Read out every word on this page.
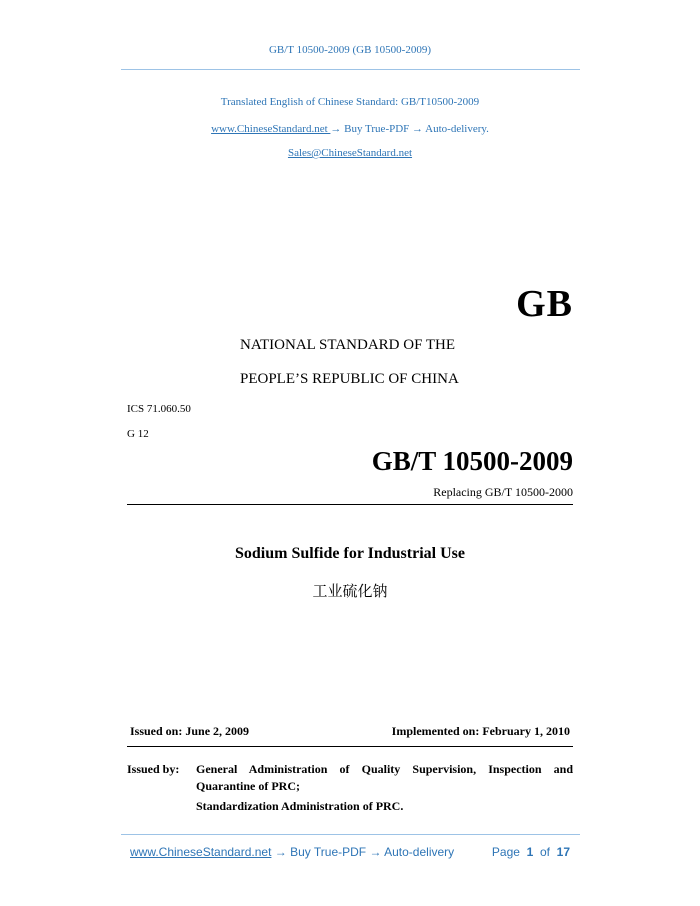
GB/T 10500-2009 (GB 10500-2009)
Translated English of Chinese Standard: GB/T10500-2009
www.ChineseStandard.net → Buy True-PDF → Auto-delivery.
Sales@ChineseStandard.net
GB
NATIONAL STANDARD OF THE
PEOPLE’S REPUBLIC OF CHINA
ICS 71.060.50
G 12
GB/T 10500-2009
Replacing GB/T 10500-2000
Sodium Sulfide for Industrial Use
工业硫化钠
Issued on: June 2, 2009	Implemented on: February 1, 2010
Issued by: General Administration of Quality Supervision, Inspection and
Quarantine of PRC;
Standardization Administration of PRC.
www.ChineseStandard.net → Buy True-PDF → Auto-delivery	Page 1 of 17
